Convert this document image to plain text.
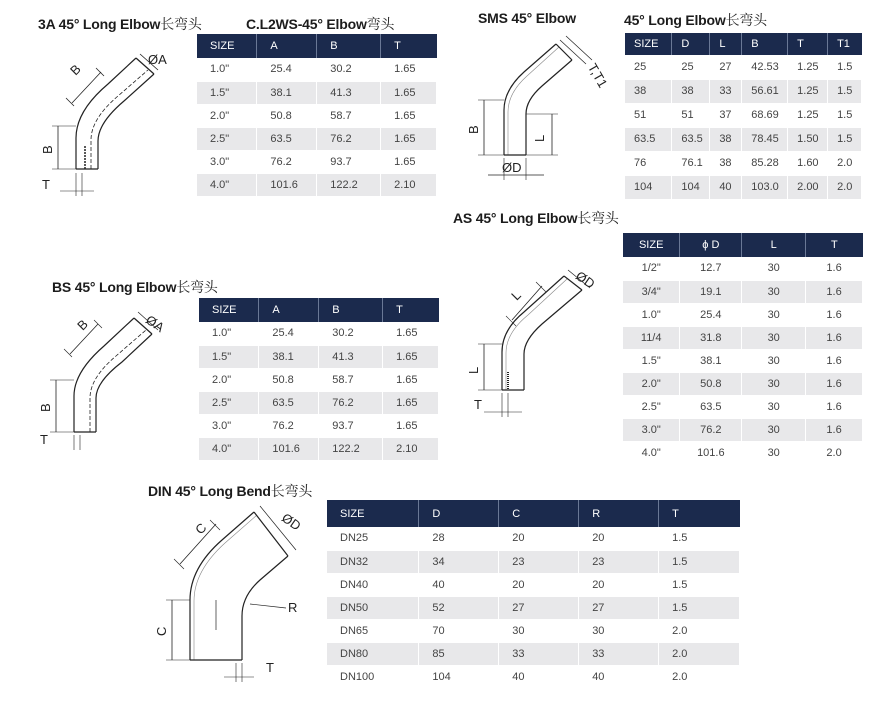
3A 45° Long Elbow长弯头	C.L2WS-45° Elbow弯头
ØA
B
B
T
SIZE	A	B	T
1.0"	25.4	30.2	1.65
1.5"	38.1	41.3	1.65
2.0"	50.8	58.7	1.65
2.5"	63.5	76.2	1.65
3.0"	76.2	93.7	1.65
4.0"	101.6	122.2	2.10
SMS 45° Elbow	45° Long Elbow长弯头
T,T1
B
L
ØD
SIZE	D	L	B	T	T1
25	25	27	42.53	1.25	1.5
38	38	33	56.61	1.25	1.5
51	51	37	68.69	1.25	1.5
63.5	63.5	38	78.45	1.50	1.5
76	76.1	38	85.28	1.60	2.0
104	104	40	103.0	2.00	2.0
AS 45° Long Elbow长弯头
L
ØD
L
T
SIZE	ϕ D	L	T
1/2"	12.7	30	1.6
3/4"	19.1	30	1.6
1.0"	25.4	30	1.6
11/4	31.8	30	1.6
1.5"	38.1	30	1.6
2.0"	50.8	30	1.6
2.5"	63.5	30	1.6
3.0"	76.2	30	1.6
4.0"	101.6	30	2.0
BS 45° Long Elbow长弯头
ØA
B
B
T
SIZE	A	B	T
1.0"	25.4	30.2	1.65
1.5"	38.1	41.3	1.65
2.0"	50.8	58.7	1.65
2.5"	63.5	76.2	1.65
3.0"	76.2	93.7	1.65
4.0"	101.6	122.2	2.10
DIN 45° Long Bend长弯头
C	ØD
R
C
T
SIZE	D	C	R	T
DN25	28	20	20	1.5
DN32	34	23	23	1.5
DN40	40	20	20	1.5
DN50	52	27	27	1.5
DN65	70	30	30	2.0
DN80	85	33	33	2.0
DN100	104	40	40	2.0
